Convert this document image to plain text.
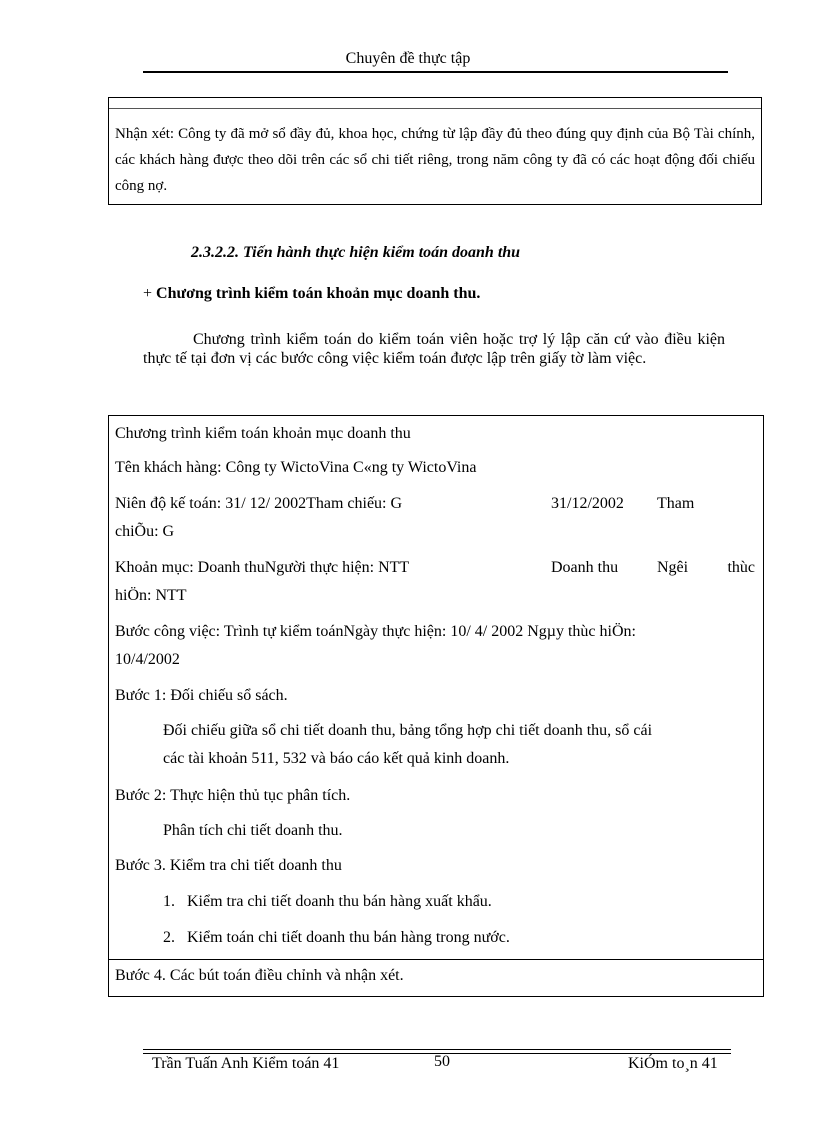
Chuyên đề thực tập

Nhận xét: Công ty đã mở sổ đầy đủ, khoa học, chứng từ lập đầy đủ theo đúng quy định của Bộ Tài chính, các khách hàng được theo dõi trên các sổ chi tiết riêng, trong năm công ty đã có các hoạt động đối chiếu công nợ.

2.3.2.2. Tiến hành thực hiện kiểm toán doanh thu
+ Chương trình kiểm toán khoản mục doanh thu.

Chương trình kiểm toán do kiểm toán viên hoặc trợ lý lập căn cứ vào điều kiện thực tế tại đơn vị các bước công việc kiểm toán được lập trên giấy tờ làm việc.

Chương trình kiểm toán khoản mục doanh thu
Tên khách hàng: Công ty WictoVina C«ng ty WictoVina
Niên độ kế toán: 31/ 12/ 2002Tham chiếu: G	31/12/2002	Tham
chiÕu: G
Khoản mục: Doanh thuNgười thực hiện: NTT	Doanh thu	Ngêi thùc
hiÖn: NTT
Bước công việc: Trình tự kiểm toánNgày thực hiện: 10/ 4/ 2002 Ngµy thùc hiÖn:
10/4/2002
Bước 1: Đối chiếu sổ sách.
Đối chiếu giữa sổ chi tiết doanh thu, bảng tổng hợp chi tiết doanh thu, sổ cái
các tài khoản 511, 532 và báo cáo kết quả kinh doanh.
Bước 2: Thực hiện thủ tục phân tích.
Phân tích chi tiết doanh thu.
Bước 3. Kiểm tra chi tiết doanh thu
1. Kiểm tra chi tiết doanh thu bán hàng xuất khẩu.
2. Kiểm toán chi tiết doanh thu bán hàng trong nước.
Bước 4. Các bút toán điều chỉnh và nhận xét.
Trần Tuấn Anh Kiểm toán 41	50	KiÓm to¸n 41
